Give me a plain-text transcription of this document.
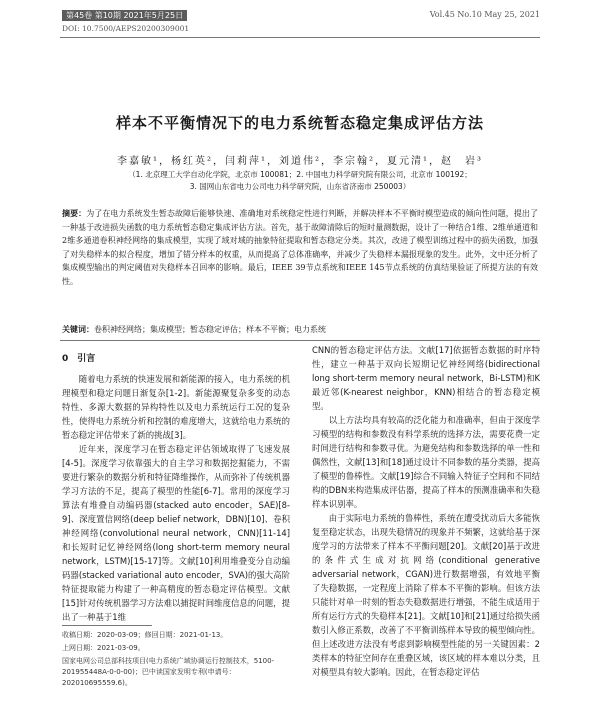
第45卷 第10期 2021年5月25日	Vol.45 No.10 May 25, 2021
DOI: 10.7500/AEPS20200309001
样本不平衡情况下的电力系统暂态稳定集成评估方法
李嘉敏¹，杨红英²，闫莉萍¹，刘道伟²，李宗翰²，夏元清¹，赵　岩³
（1. 北京理工大学自动化学院，北京市 100081；2. 中国电力科学研究院有限公司，北京市 100192；
3. 国网山东省电力公司电力科学研究院，山东省济南市 250003）
摘要：为了在电力系统发生暂态故障后能够快速、准确地对系统稳定性进行判断，并解决样本不平衡时模型造成的倾向性问题，提出了一种基于改进损失函数的电力系统暂态稳定集成评估方法。首先，基于故障清除后的短时量测数据，设计了一种结合1维、2维单通道和2维多通道卷积神经网络的集成模型，实现了域对域的抽象特征提取和暂态稳定分类。其次，改进了模型训练过程中的损失函数，加强了对失稳样本的拟合程度，增加了错分样本的权重，从而提高了总体准确率，并减少了失稳样本漏报现象的发生。此外，文中还分析了集成模型输出的判定阈值对失稳样本召回率的影响。最后，IEEE 39节点系统和IEEE 145节点系统的仿真结果验证了所提方法的有效性。
关键词：卷积神经网络；集成模型；暂态稳定评估；样本不平衡；电力系统

0　引言

随着电力系统的快速发展和新能源的接入，电力系统的机理模型和稳定问题日渐复杂[1-2]。新能源聚复杂多变的动态特性、多源大数据的异构特性以及电力系统运行工况的复杂性，使得电力系统分析和控制的难度增大，这就给电力系统的暂态稳定评估带来了新的挑战[3]。

近年来，深度学习在暂态稳定评估领域取得了飞速发展[4-5]。深度学习依靠强大的自主学习和数据挖掘能力，不需要进行繁杂的数据分析和特征降维操作，从而弥补了传统机器学习方法的不足，提高了模型的性能[6-7]。常用的深度学习算法有堆叠自动编码器(stacked auto encoder，SAE)[8-9]、深度置信网络(deep belief network，DBN)[10]、卷积神经网络(convolutional neural network，CNN)[11-14]和长短时记忆神经网络(long short-term memory neural network，LSTM)[15-17]等。文献[10]利用堆叠变分自动编码器(stacked variational auto encoder，SVA)的强大高阶特征提取能力构建了一种高精度的暂态稳定评估模型。文献[15]针对传统机器学习方法难以捕捉时间维度信息的问题，提出了一种基于1维

CNN的暂态稳定评估方法。文献[17]依据暂态数据的时序特性，建立一种基于双向长短期记忆神经网络(bidirectional long short-term memory neural network，Bi-LSTM)和K最近邻(K-nearest neighbor，KNN)相结合的暂态稳定模型。

以上方法均具有较高的泛化能力和准确率，但由于深度学习模型的结构和参数没有科学系统的选择方法，需要花费一定时间进行结构和参数寻优。为避免结构和参数选择的单一性和偶然性，文献[13]和[18]通过设计不同参数的基分类器，提高了模型的鲁棒性。文献[19]综合不同输入特征子空间和不同结构的DBN来构造集成评估器，提高了样本的预测准确率和失稳样本识别率。

由于实际电力系统的鲁棒性，系统在遭受扰动后大多能恢复至稳定状态，出现失稳情况的现象并不频繁，这就给基于深度学习的方法带来了样本不平衡问题[20]。文献[20]基于改进的条件式生成对抗网络(conditional generative adversarial network，CGAN)进行数据增强，有效地平衡了失稳数据，一定程度上消除了样本不平衡的影响。但该方法只能针对单一时刻的暂态失稳数据进行增强，不能生成适用于所有运行方式的失稳样本[21]。文献[10]和[21]通过给损失函数引入修正系数，改善了不平衡训练样本导致的模型倾向性。但上述改进方法没有考虑到影响模型性能的另一关键因素：2类样本的特征空间存在重叠区域，该区域的样本难以分类，且对模型具有较大影响。因此，在暂态稳定评估

收稿日期：2020-03-09；修回日期：2021-01-13。
上网日期：2021-03-09。
国家电网公司总部科技项目(电力系统广域协调运行控制技术，5100-201955448A-0-0-00)；巴中读国家发明专利(申请号：202010695559.6)。
